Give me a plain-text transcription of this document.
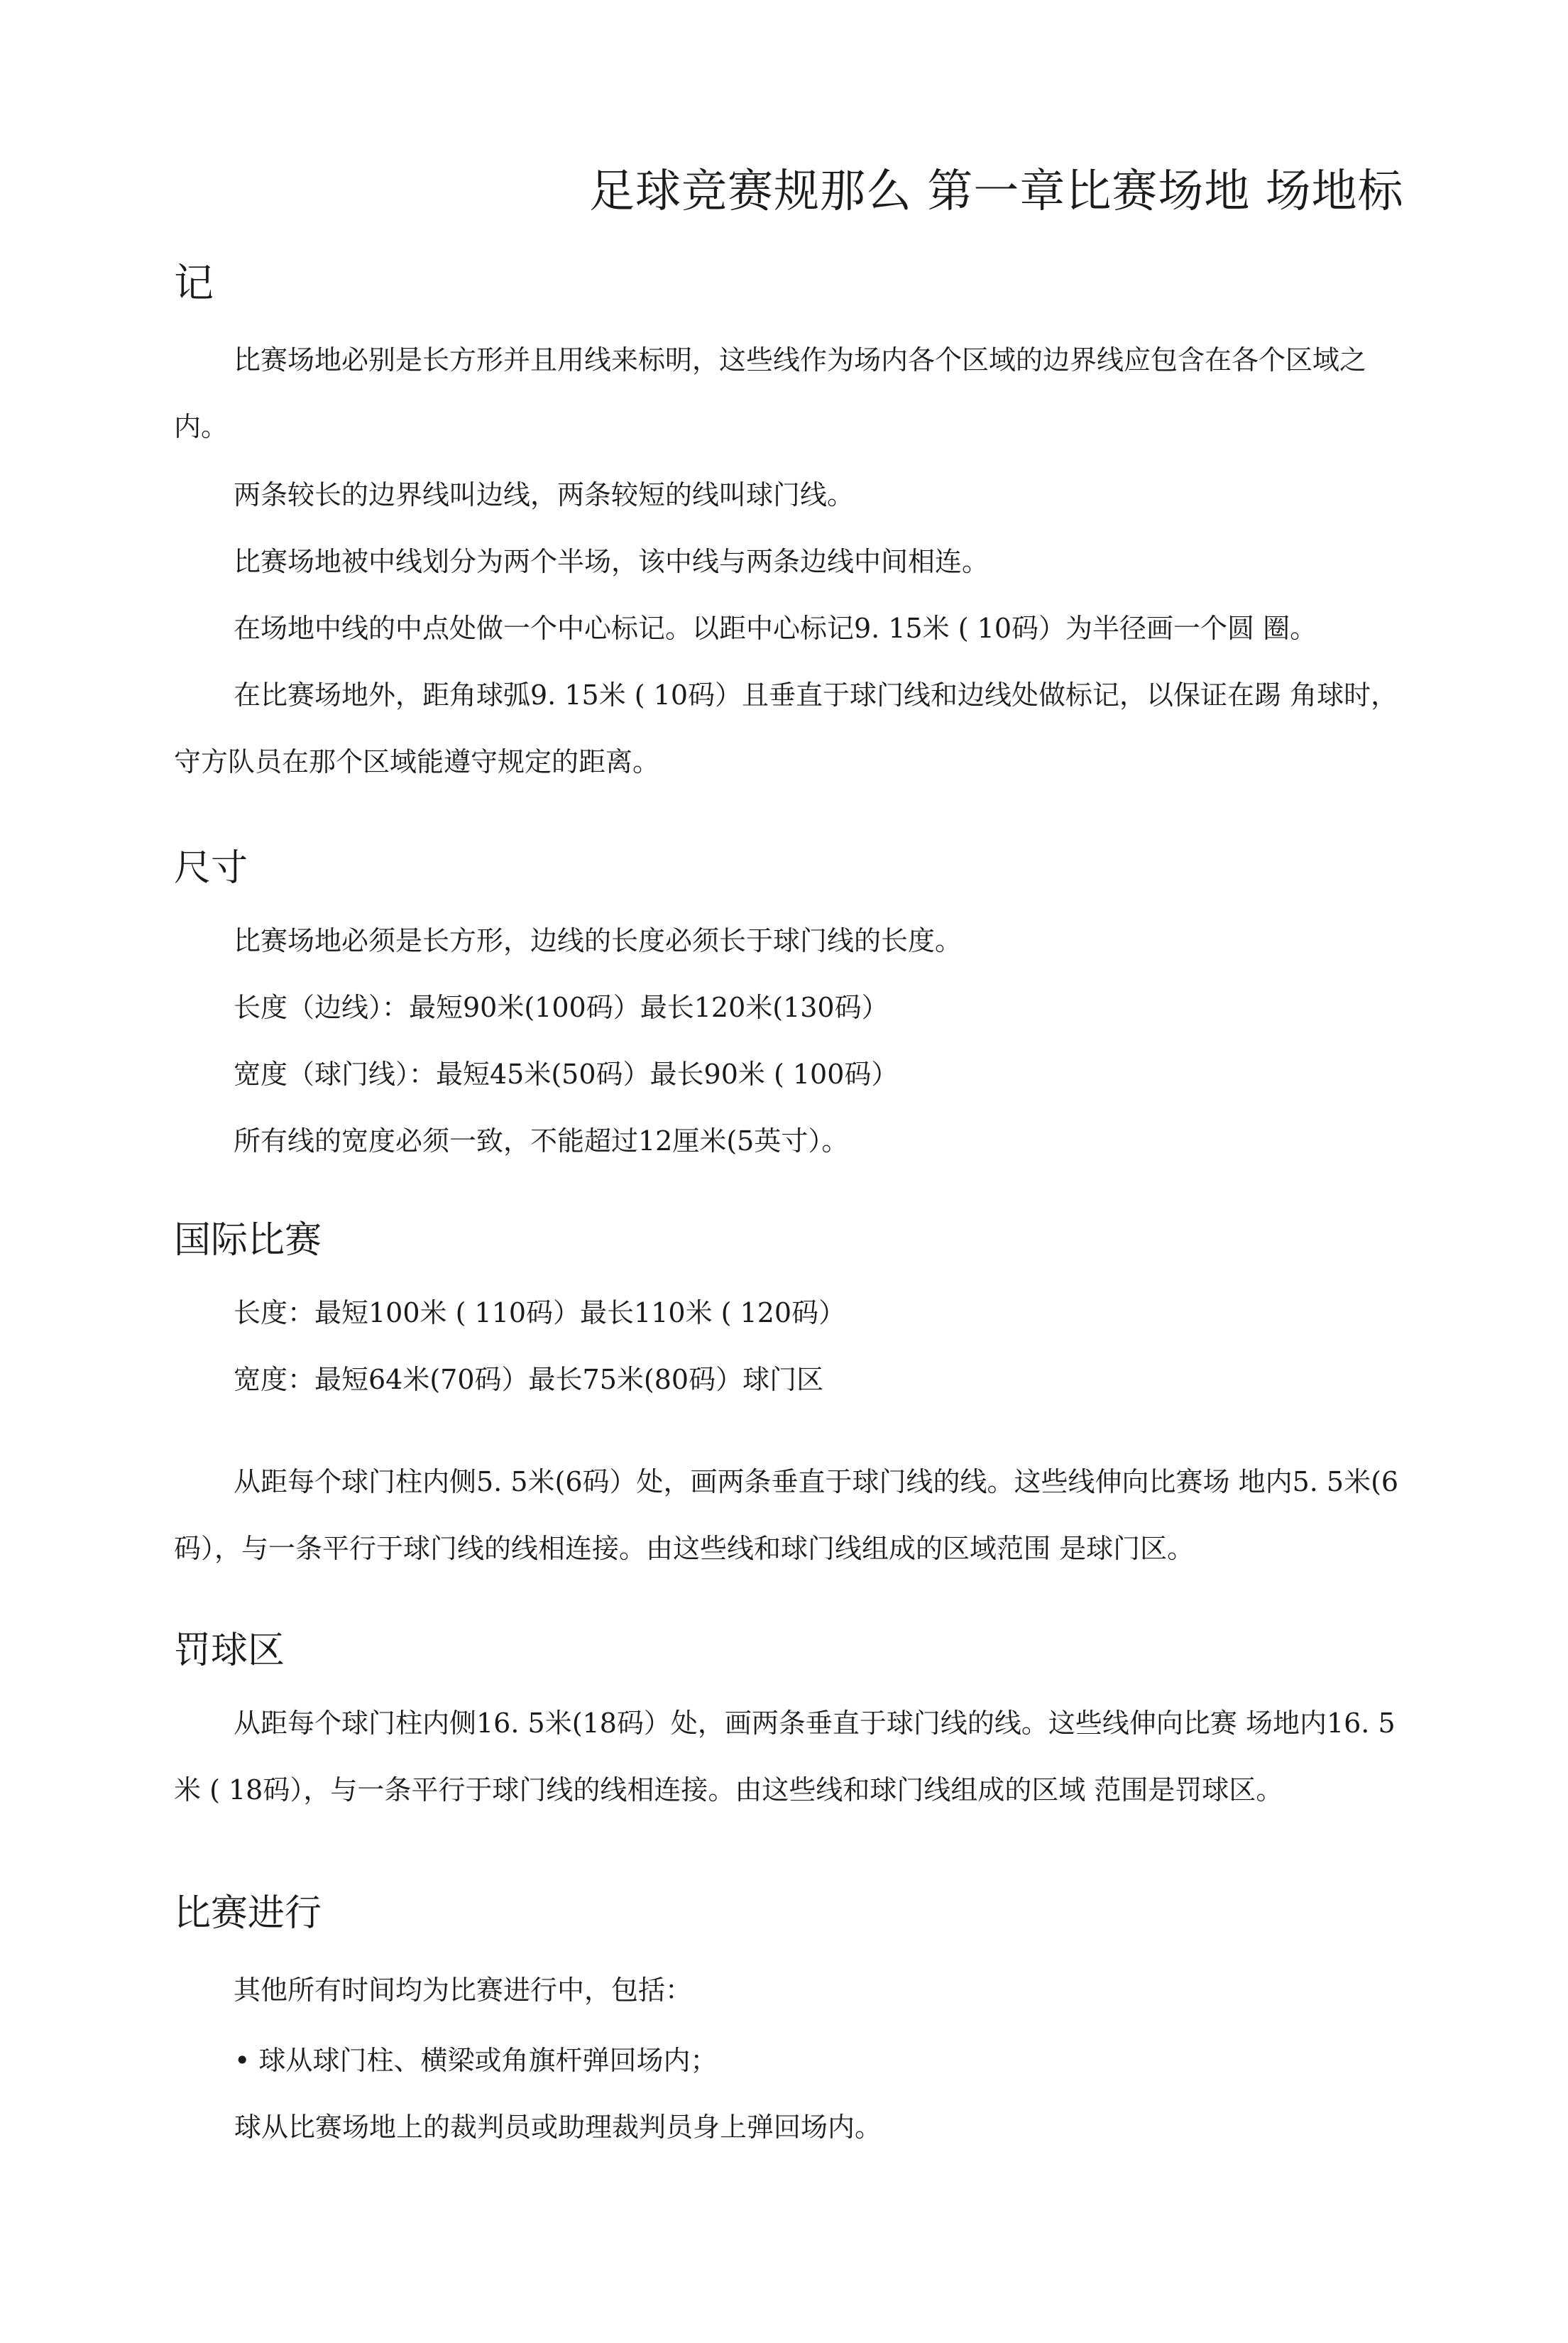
足球竞赛规那么 第一章比赛场地 场地标
记
比赛场地必别是长方形并且用线来标明，这些线作为场内各个区域的边界线应包含在各个区域之内。
两条较长的边界线叫边线，两条较短的线叫球门线。
比赛场地被中线划分为两个半场，该中线与两条边线中间相连。
在场地中线的中点处做一个中心标记。以距中心标记9. 15米 ( 10码）为半径画一个圆 圈。
在比赛场地外，距角球弧9. 15米 ( 10码）且垂直于球门线和边线处做标记，以保证在踢 角球时，守方队员在那个区域能遵守规定的距离。
尺寸
比赛场地必须是长方形，边线的长度必须长于球门线的长度。
长度（边线）：最短90米(100码）最长120米(130码）
宽度（球门线）：最短45米(50码）最长90米 ( 100码）
所有线的宽度必须一致，不能超过12厘米(5英寸）。
国际比赛
长度：最短100米 ( 110码）最长110米 ( 120码）
宽度：最短64米(70码）最长75米(80码）球门区
从距每个球门柱内侧5. 5米(6码）处，画两条垂直于球门线的线。这些线伸向比赛场 地内5. 5米(6码），与一条平行于球门线的线相连接。由这些线和球门线组成的区域范围 是球门区。
罚球区
从距每个球门柱内侧16. 5米(18码）处，画两条垂直于球门线的线。这些线伸向比赛 场地内16. 5米 ( 18码），与一条平行于球门线的线相连接。由这些线和球门线组成的区域 范围是罚球区。
比赛进行
其他所有时间均为比赛进行中，包括：
• 球从球门柱、横梁或角旗杆弹回场内；
球从比赛场地上的裁判员或助理裁判员身上弹回场内。
